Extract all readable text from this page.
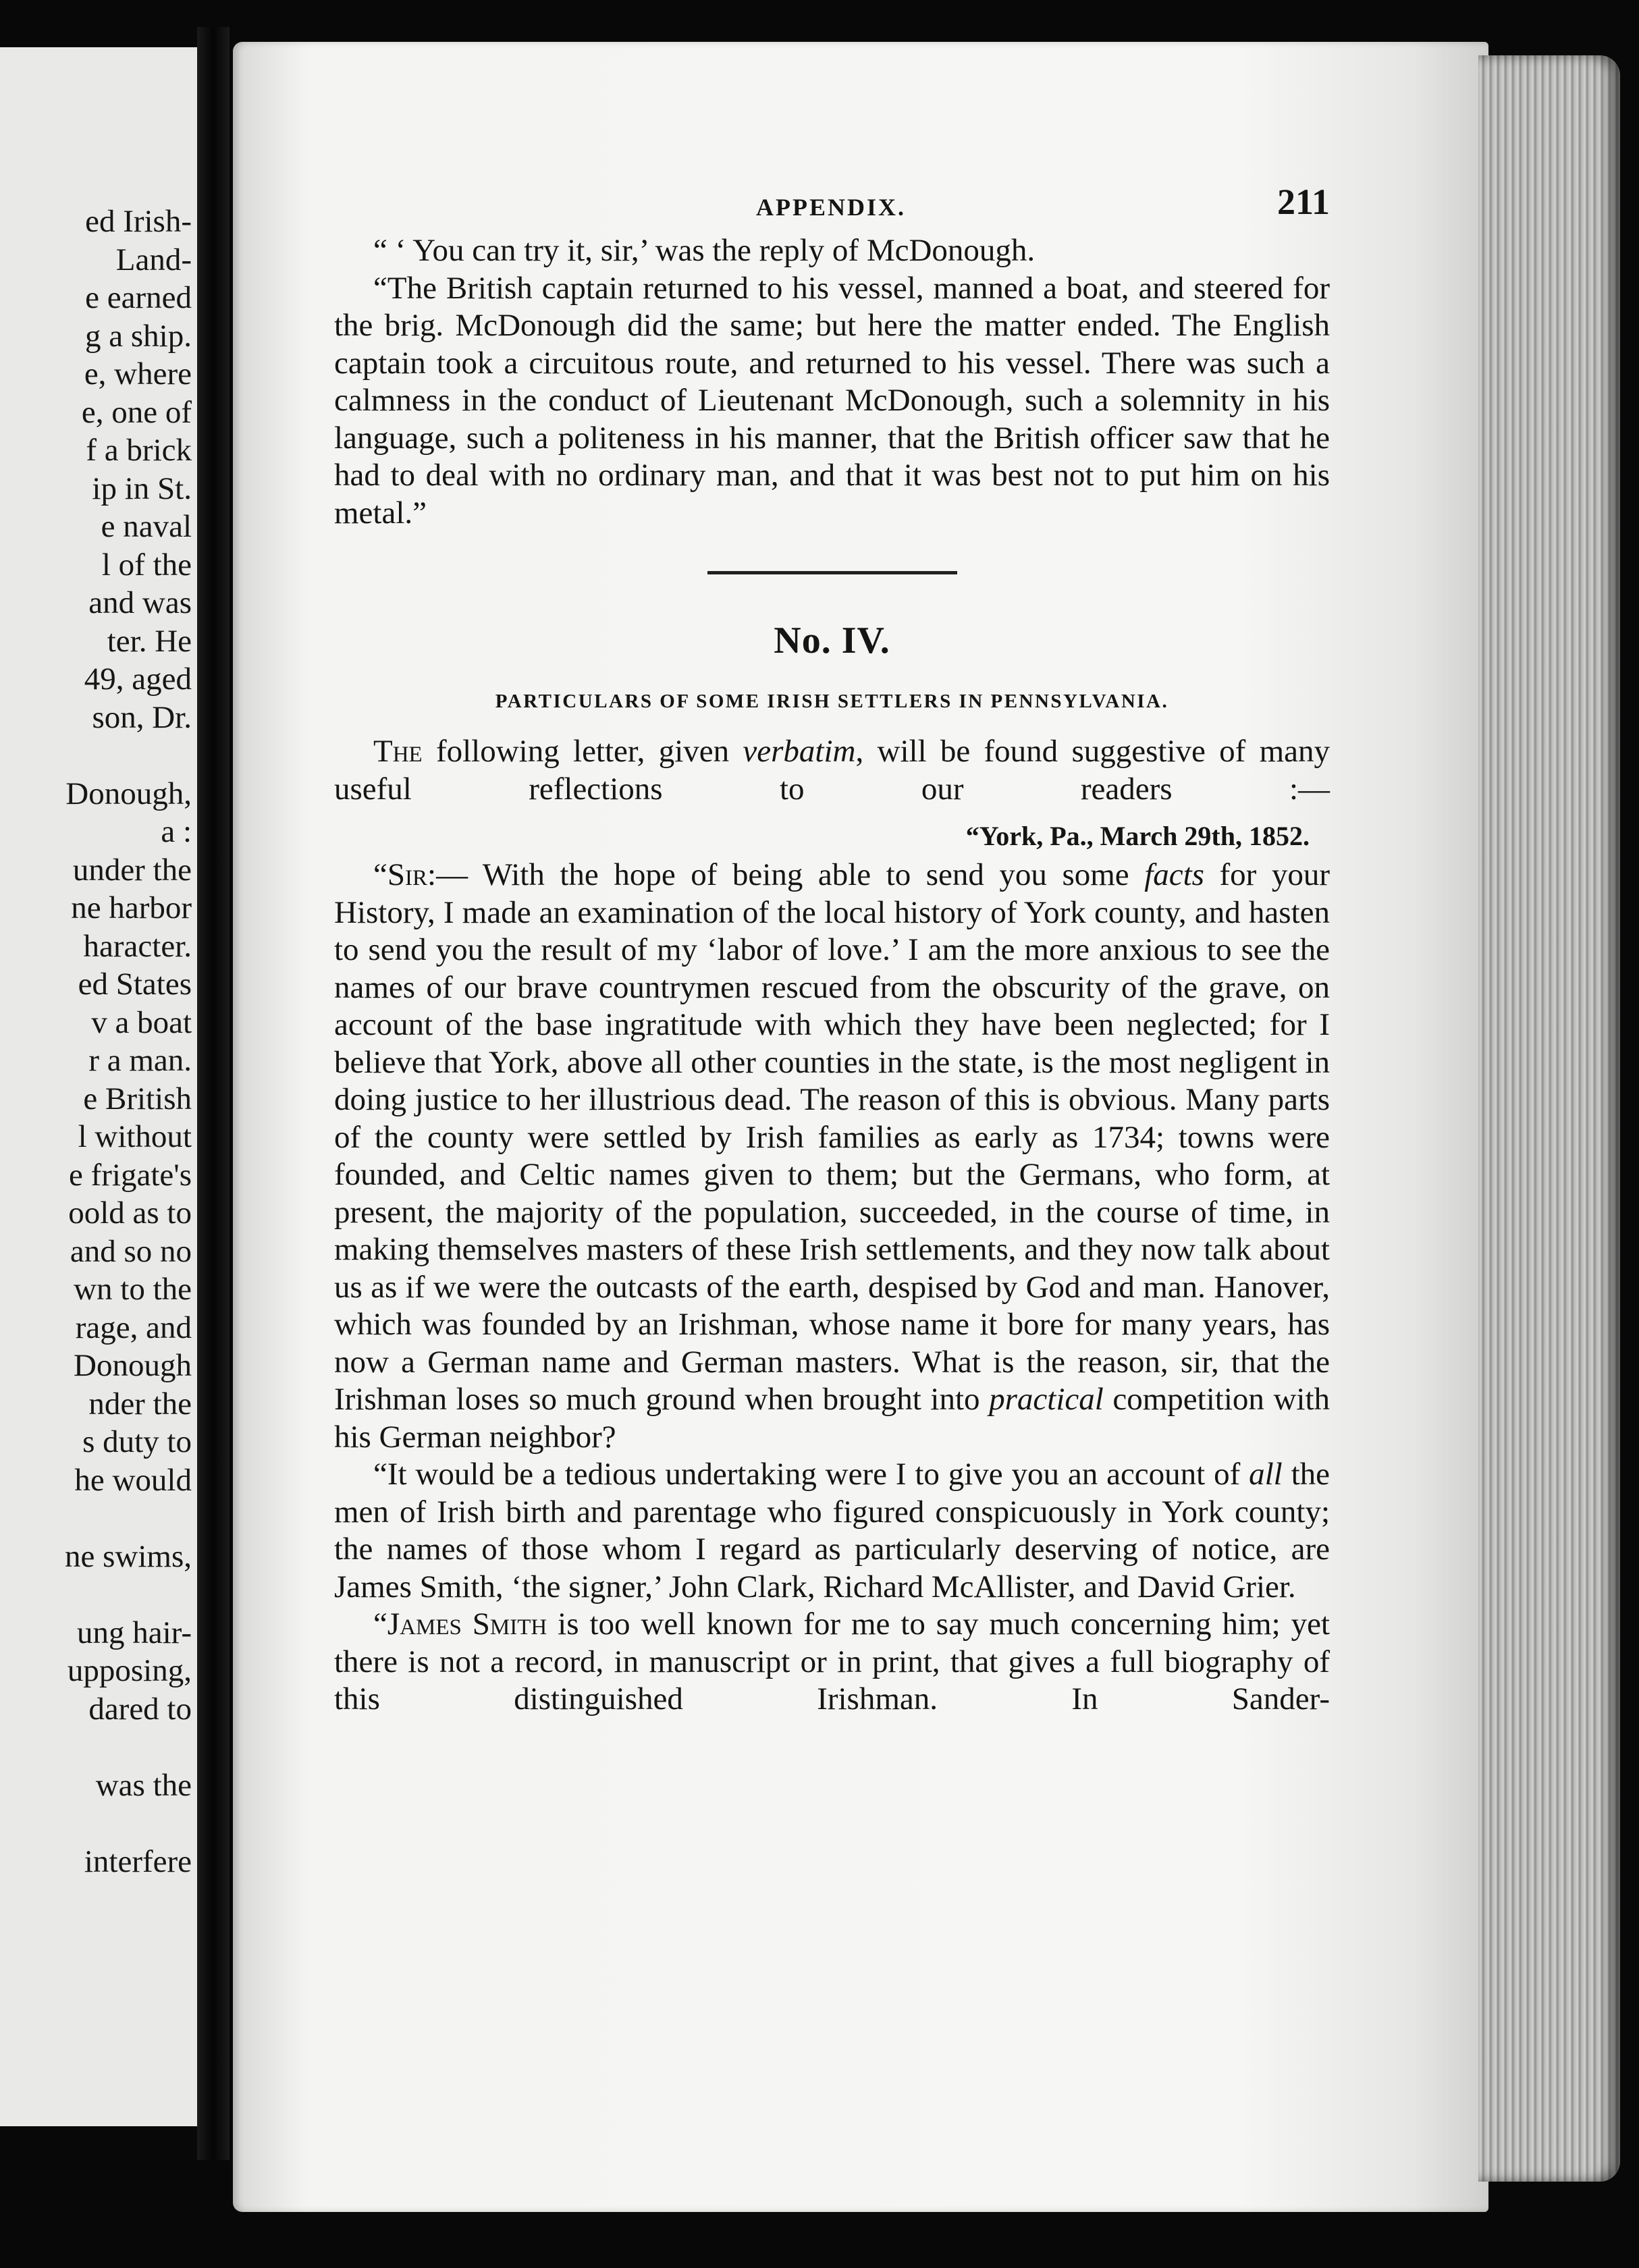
ed Irish-

Land-

e earned

g a ship.

e, where

e, one of

f a brick

ip in St.

e naval

l of the

and was

ter. He

49, aged

son, Dr.

Donough,

a :

under the

ne harbor

haracter.

ed States

v a boat

r a man.

e British

l without

e frigate's

oold as to

and so no

wn to the

rage, and

Donough

nder the

s duty to

he would

ne swims,

ung hair-

upposing,

dared to

was the

interfere

APPENDIX.	211

“ ‘ You can try it, sir,’ was the reply of McDonough.

“The British captain returned to his vessel, manned a boat, and steered for the brig. McDonough did the same; but here the matter ended. The English captain took a circuitous route, and returned to his vessel. There was such a calmness in the conduct of Lieutenant McDonough, such a solemnity in his language, such a politeness in his manner, that the British officer saw that he had to deal with no ordinary man, and that it was best not to put him on his metal.”

No. IV.
PARTICULARS OF SOME IRISH SETTLERS IN PENNSYLVANIA.

The following letter, given verbatim, will be found suggestive of many useful reflections to our readers :—

“York, Pa., March 29th, 1852.

“Sir:— With the hope of being able to send you some facts for your History, I made an examination of the local history of York county, and hasten to send you the result of my ‘labor of love.’ I am the more anxious to see the names of our brave countrymen rescued from the obscurity of the grave, on account of the base ingratitude with which they have been neglected; for I believe that York, above all other counties in the state, is the most negligent in doing justice to her illustrious dead. The reason of this is obvious. Many parts of the county were settled by Irish families as early as 1734; towns were founded, and Celtic names given to them; but the Germans, who form, at present, the majority of the population, succeeded, in the course of time, in making themselves masters of these Irish settlements, and they now talk about us as if we were the outcasts of the earth, despised by God and man. Hanover, which was founded by an Irishman, whose name it bore for many years, has now a German name and German masters. What is the reason, sir, that the Irishman loses so much ground when brought into practical competition with his German neighbor?

“It would be a tedious undertaking were I to give you an account of all the men of Irish birth and parentage who figured conspicuously in York county; the names of those whom I regard as particularly deserving of notice, are James Smith, ‘the signer,’ John Clark, Richard McAllister, and David Grier.

“James Smith is too well known for me to say much concerning him; yet there is not a record, in manuscript or in print, that gives a full biography of this distinguished Irishman. In Sander-
